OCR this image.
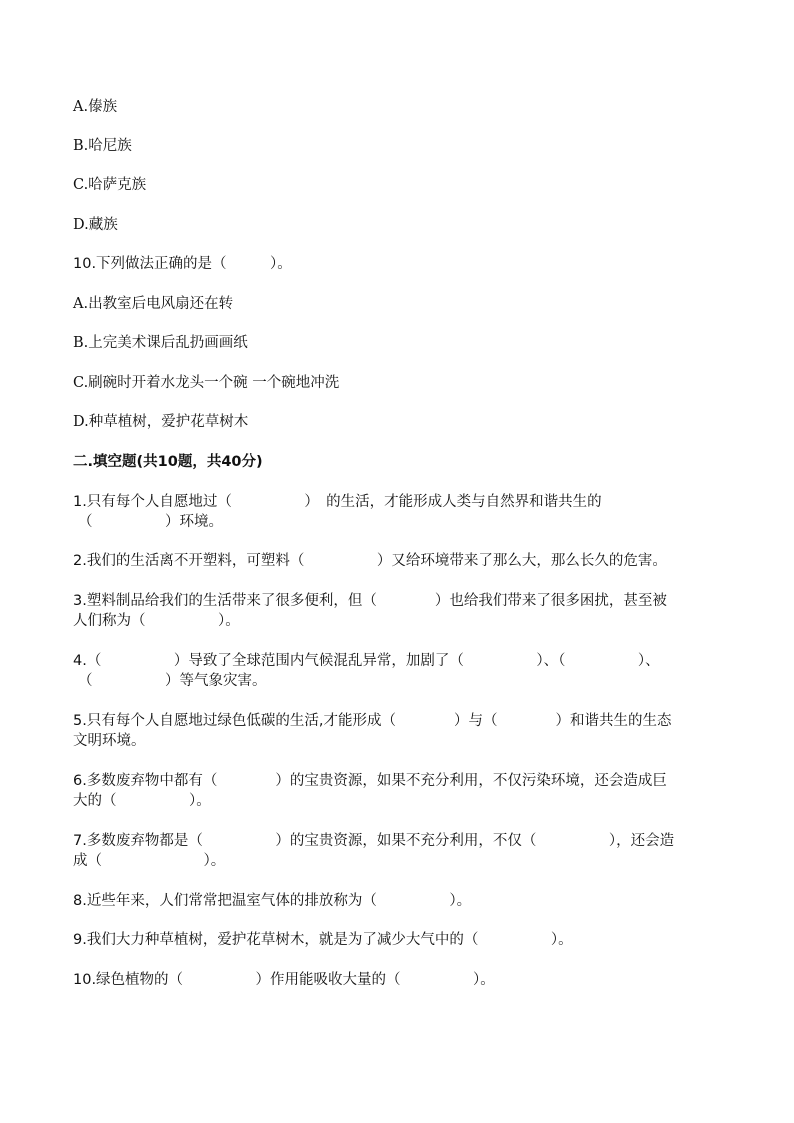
A.傣族
B.哈尼族
C.哈萨克族
D.藏族
10.下列做法正确的是（　　　）。
A.出教室后电风扇还在转
B.上完美术课后乱扔画画纸
C.刷碗时开着水龙头一个碗 一个碗地冲洗
D.种草植树，爱护花草树木
二.填空题(共10题，共40分)
1.只有每个人自愿地过（　　　　　）　的生活，才能形成人类与自然界和谐共生的
（　　　　　）环境。
2.我们的生活离不开塑料，可塑料（　　　　　）又给环境带来了那么大，那么长久的危害。
3.塑料制品给我们的生活带来了很多便利，但（　　　　）也给我们带来了很多困扰，甚至被
人们称为（　　　　　）。
4.（　　　　　）导致了全球范围内气候混乱异常，加剧了（　　　　　）、（　　　　　）、
（　　　　　）等气象灾害。
5.只有每个人自愿地过绿色低碳的生活,才能形成（　　　　）与（　　　　）和谐共生的生态
文明环境。
6.多数废弃物中都有（　　　　）的宝贵资源，如果不充分利用，不仅污染环境，还会造成巨
大的（　　　　　）。
7.多数废弃物都是（　　　　　）的宝贵资源，如果不充分利用，不仅（　　　　　），还会造
成（　　　　　　　）。
8.近些年来，人们常常把温室气体的排放称为（　　　　　）。
9.我们大力种草植树，爱护花草树木，就是为了减少大气中的（　　　　　）。
10.绿色植物的（　　　　　）作用能吸收大量的（　　　　　）。
